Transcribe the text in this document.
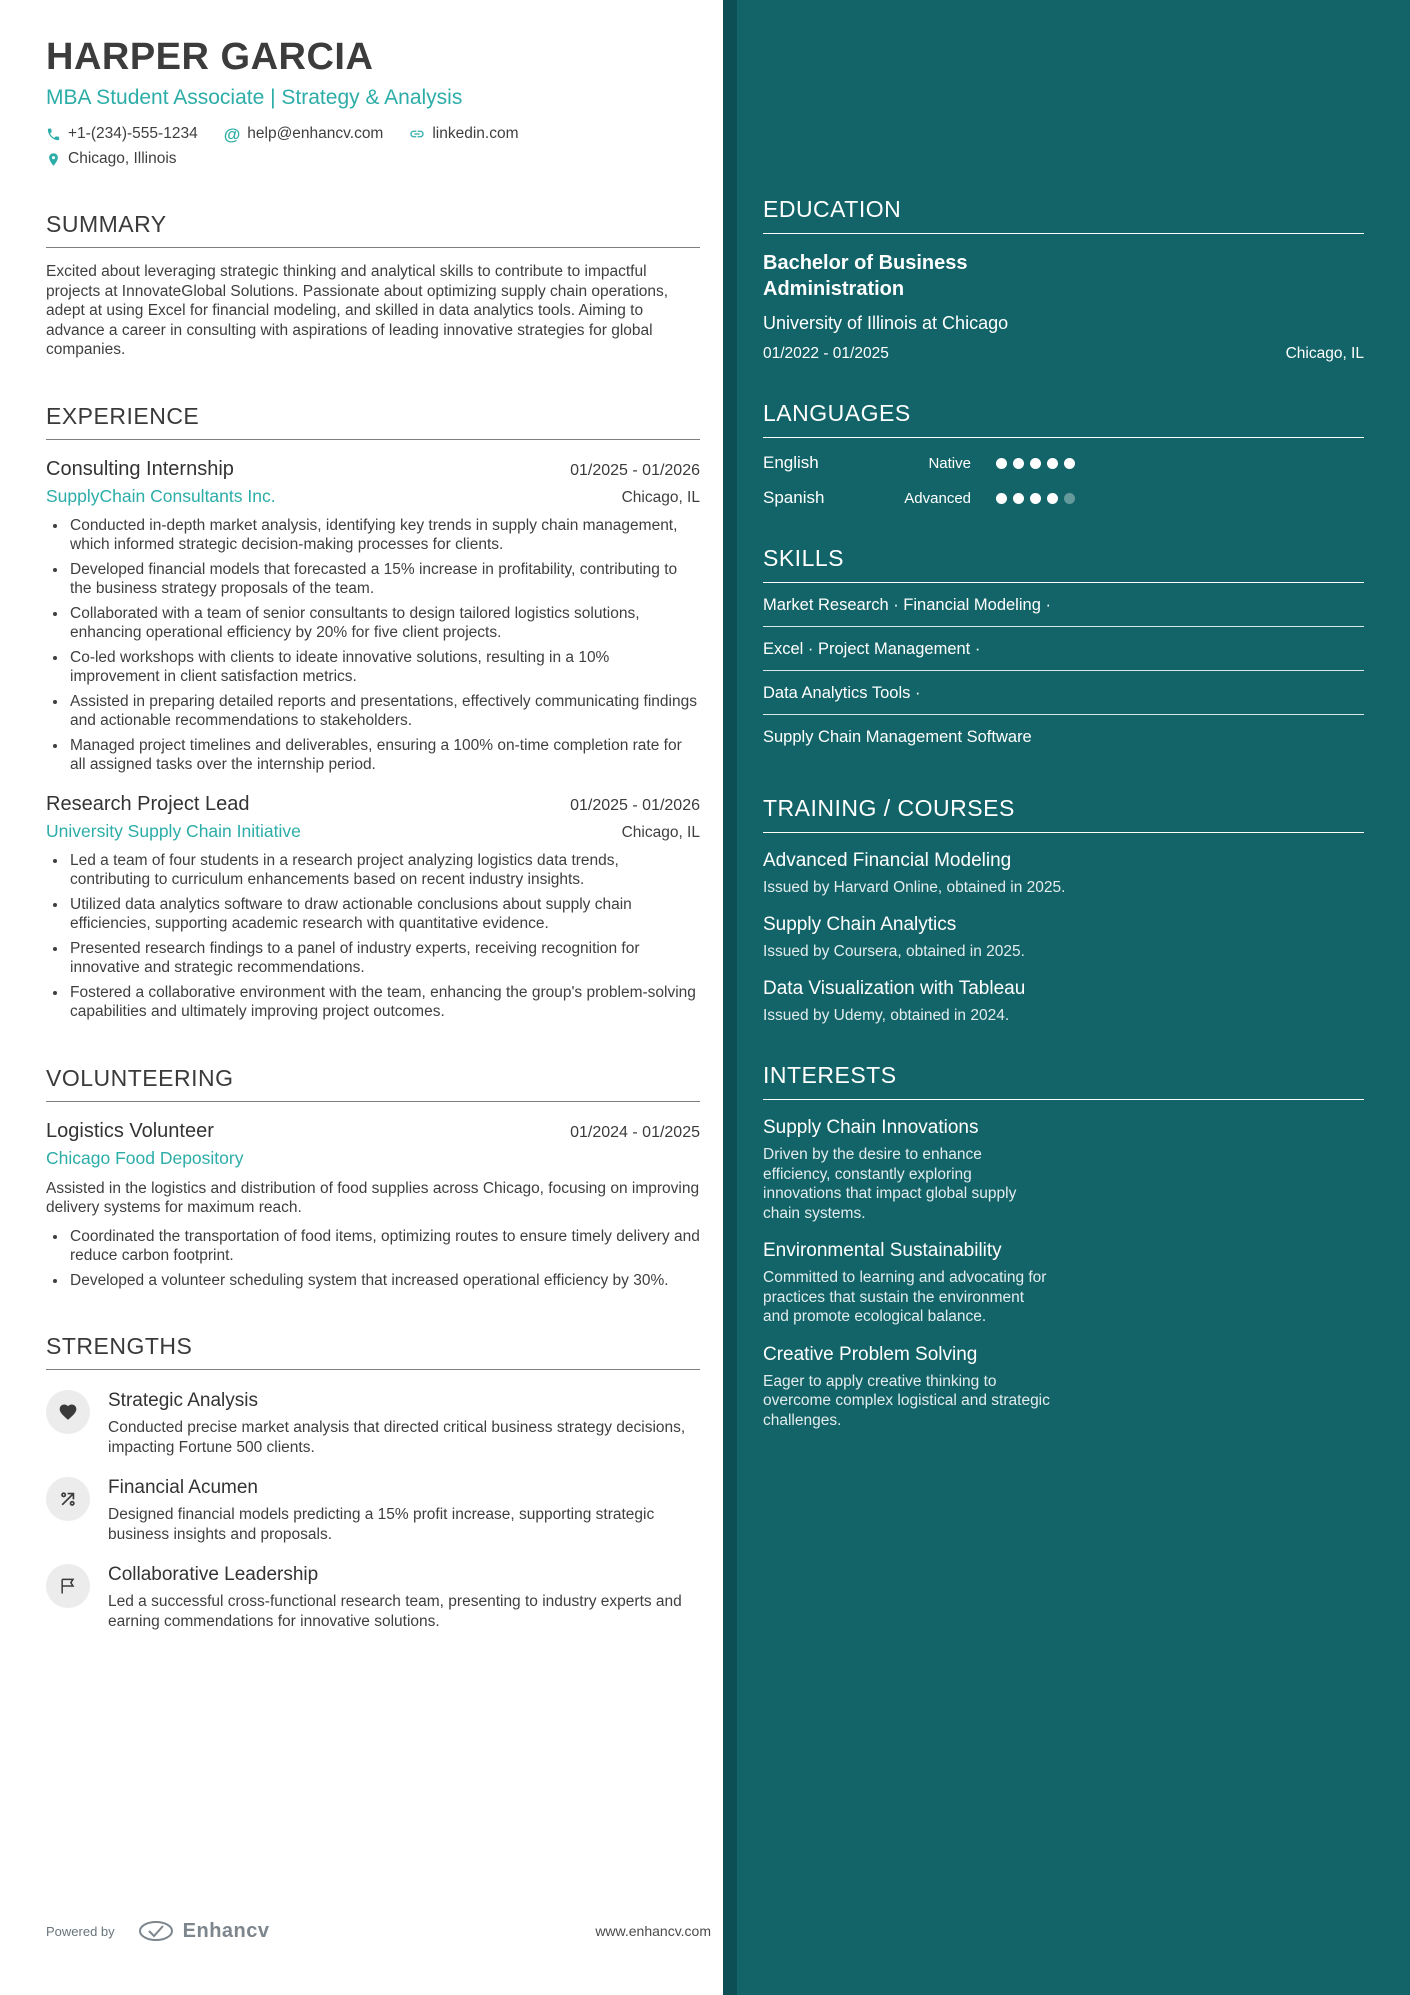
HARPER GARCIA
MBA Student Associate | Strategy & Analysis
+1-(234)-555-1234 @ help@enhancv.com	linkedin.com
Chicago, Illinois
SUMMARY

Excited about leveraging strategic thinking and analytical skills to contribute to impactful projects at InnovateGlobal Solutions. Passionate about optimizing supply chain operations, adept at using Excel for financial modeling, and skilled in data analytics tools. Aiming to advance a career in consulting with aspirations of leading innovative strategies for global companies.

EXPERIENCE
Consulting Internship	01/2025 - 01/2026
SupplyChain Consultants Inc.	Chicago, IL
• Conducted in-depth market analysis, identifying key trends in supply chain management, which informed strategic decision-making processes for clients.
• Developed financial models that forecasted a 15% increase in profitability, contributing to the business strategy proposals of the team.
• Collaborated with a team of senior consultants to design tailored logistics solutions, enhancing operational efficiency by 20% for five client projects.
• Co-led workshops with clients to ideate innovative solutions, resulting in a 10% improvement in client satisfaction metrics.
• Assisted in preparing detailed reports and presentations, effectively communicating findings and actionable recommendations to stakeholders.
• Managed project timelines and deliverables, ensuring a 100% on-time completion rate for all assigned tasks over the internship period.
Research Project Lead	01/2025 - 01/2026
University Supply Chain Initiative	Chicago, IL
• Led a team of four students in a research project analyzing logistics data trends, contributing to curriculum enhancements based on recent industry insights.
• Utilized data analytics software to draw actionable conclusions about supply chain efficiencies, supporting academic research with quantitative evidence.
• Presented research findings to a panel of industry experts, receiving recognition for innovative and strategic recommendations.
• Fostered a collaborative environment with the team, enhancing the group's problem-solving capabilities and ultimately improving project outcomes.
VOLUNTEERING
Logistics Volunteer	01/2024 - 01/2025
Chicago Food Depository

Assisted in the logistics and distribution of food supplies across Chicago, focusing on improving delivery systems for maximum reach.

• Coordinated the transportation of food items, optimizing routes to ensure timely delivery and reduce carbon footprint.
• Developed a volunteer scheduling system that increased operational efficiency by 30%.
STRENGTHS
Strategic Analysis
Conducted precise market analysis that directed critical business strategy decisions, impacting Fortune 500 clients.
Financial Acumen
Designed financial models predicting a 15% profit increase, supporting strategic business insights and proposals.
Collaborative Leadership
Led a successful cross-functional research team, presenting to industry experts and earning commendations for innovative solutions.
Powered by	Enhancv	www.enhancv.com
EDUCATION
Bachelor of Business Administration
University of Illinois at Chicago
01/2022 - 01/2025	Chicago, IL
LANGUAGES
English	Native
Spanish	Advanced
SKILLS
Market Research · Financial Modeling ·
Excel · Project Management ·
Data Analytics Tools ·
Supply Chain Management Software
TRAINING / COURSES
Advanced Financial Modeling
Issued by Harvard Online, obtained in 2025.
Supply Chain Analytics
Issued by Coursera, obtained in 2025.
Data Visualization with Tableau
Issued by Udemy, obtained in 2024.
INTERESTS
Supply Chain Innovations
Driven by the desire to enhance efficiency, constantly exploring innovations that impact global supply chain systems.
Environmental Sustainability
Committed to learning and advocating for practices that sustain the environment and promote ecological balance.
Creative Problem Solving
Eager to apply creative thinking to overcome complex logistical and strategic challenges.
